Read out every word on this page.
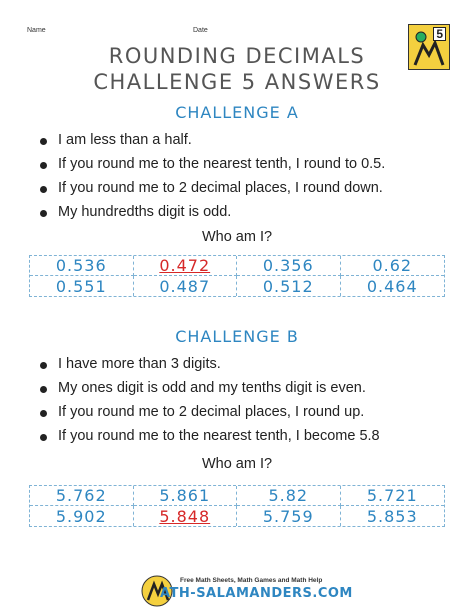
Name	Date	5
ROUNDING DECIMALS
CHALLENGE 5 ANSWERS
CHALLENGE A
I am less than a half.
If you round me to the nearest tenth, I round to 0.5.
If you round me to 2 decimal places, I round down.
My hundredths digit is odd.
Who am I?
0.536	0.472	0.356	0.62
0.551	0.487	0.512	0.464
CHALLENGE B
I have more than 3 digits.
My ones digit is odd and my tenths digit is even.
If you round me to 2 decimal places, I round up.
If you round me to the nearest tenth, I become 5.8
Who am I?
5.762	5.861	5.82	5.721
5.902	5.848	5.759	5.853
Free Math Sheets, Math Games and Math Help
ATH-SALAMANDERS.COM
